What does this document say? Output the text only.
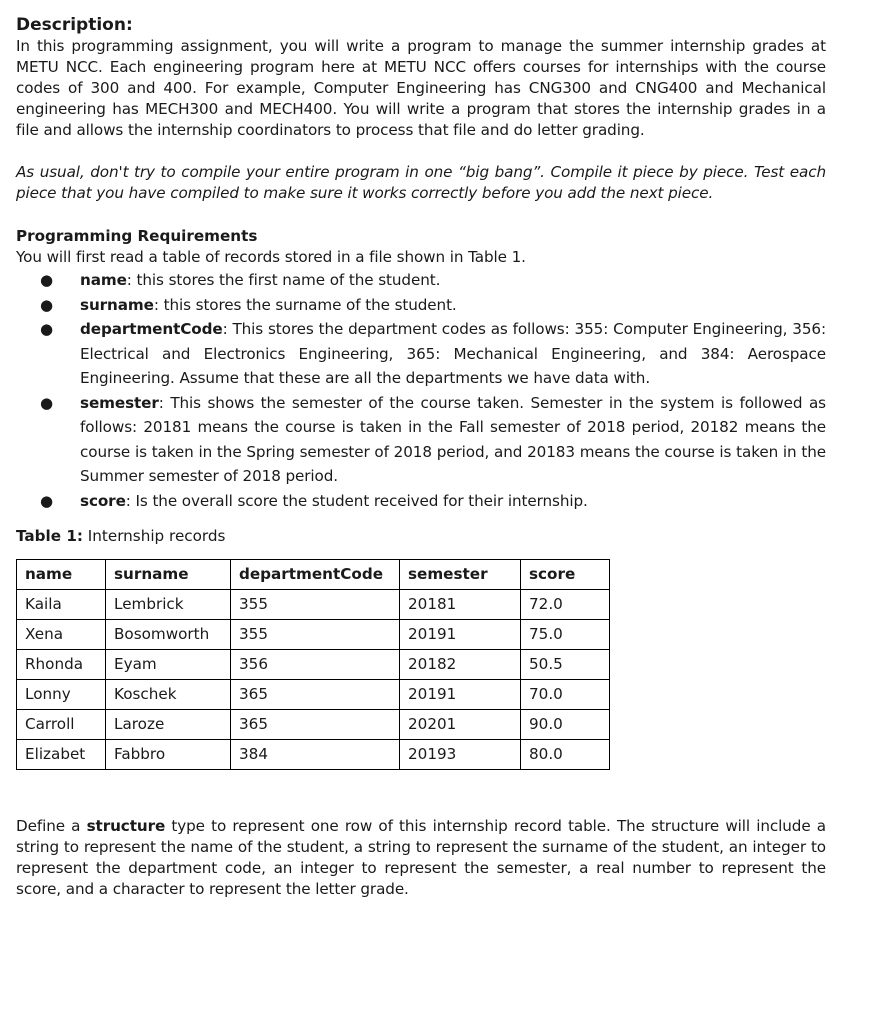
Description:

In this programming assignment, you will write a program to manage the summer internship grades at METU NCC. Each engineering program here at METU NCC offers courses for internships with the course codes of 300 and 400. For example, Computer Engineering has CNG300 and CNG400 and Mechanical engineering has MECH300 and MECH400. You will write a program that stores the internship grades in a file and allows the internship coordinators to process that file and do letter grading.

As usual, don't try to compile your entire program in one “big bang”. Compile it piece by piece. Test each piece that you have compiled to make sure it works correctly before you add the next piece.

Programming Requirements

You will first read a table of records stored in a file shown in Table 1.

● name: this stores the first name of the student.
● surname: this stores the surname of the student.
● departmentCode: This stores the department codes as follows: 355: Computer Engineering, 356: Electrical and Electronics Engineering, 365: Mechanical Engineering, and 384: Aerospace Engineering. Assume that these are all the departments we have data with.
● semester: This shows the semester of the course taken. Semester in the system is followed as follows: 20181 means the course is taken in the Fall semester of 2018 period, 20182 means the course is taken in the Spring semester of 2018 period, and 20183 means the course is taken in the Summer semester of 2018 period.
● score: Is the overall score the student received for their internship.

Table 1: Internship records

name	surname	departmentCode	semester	score
Kaila	Lembrick	355	20181	72.0
Xena	Bosomworth	355	20191	75.0
Rhonda	Eyam	356	20182	50.5
Lonny	Koschek	365	20191	70.0
Carroll	Laroze	365	20201	90.0
Elizabet	Fabbro	384	20193	80.0

Define a structure type to represent one row of this internship record table. The structure will include a string to represent the name of the student, a string to represent the surname of the student, an integer to represent the department code, an integer to represent the semester, a real number to represent the score, and a character to represent the letter grade.
